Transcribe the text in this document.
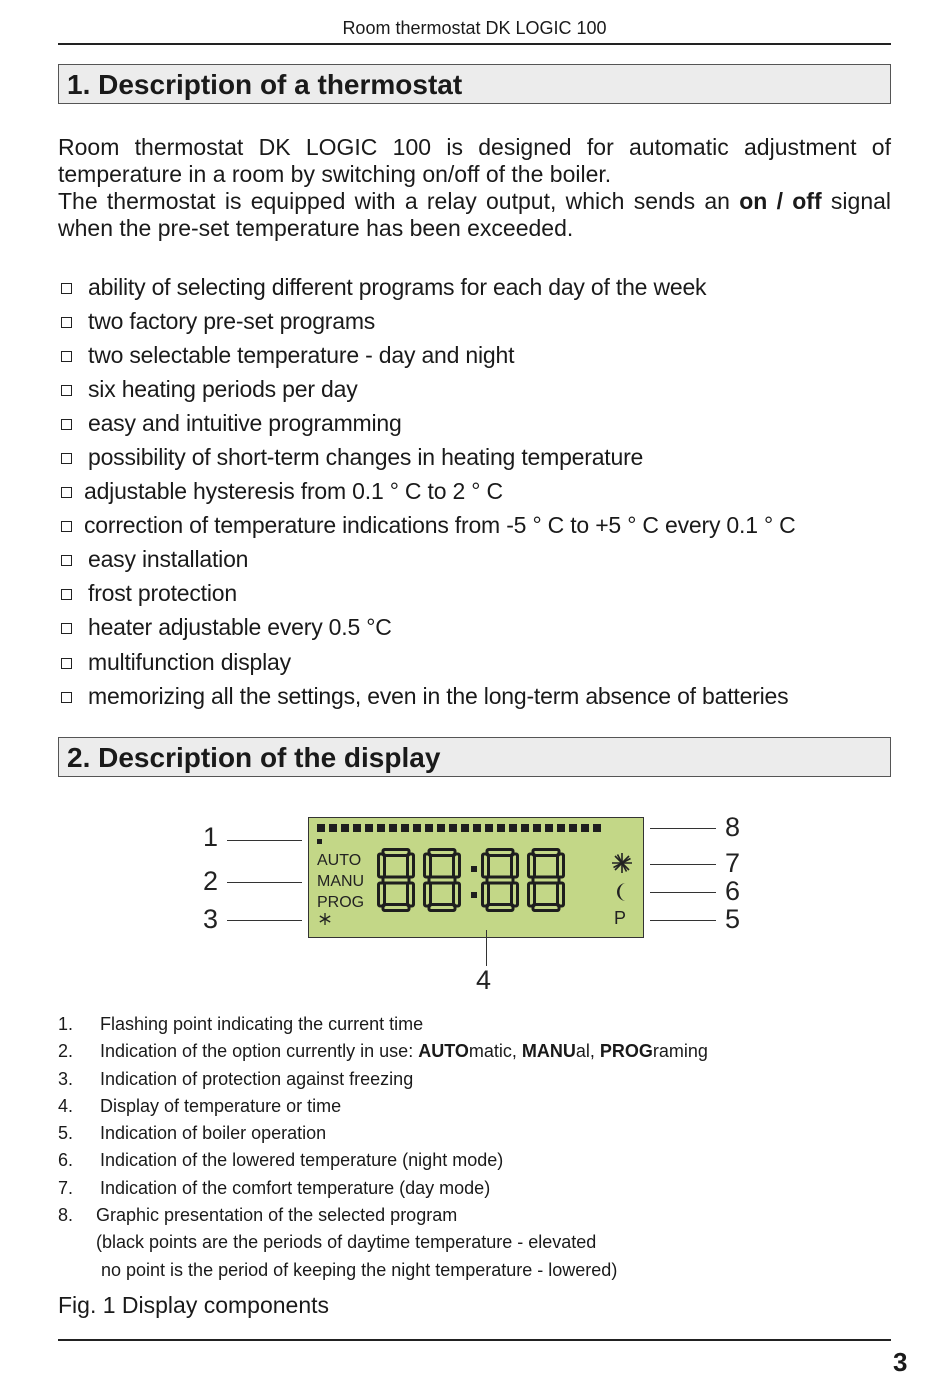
Room thermostat DK LOGIC 100
1. Description of a thermostat
Room thermostat DK LOGIC 100 is designed for automatic adjustment of temperature in a room by switching on/off of the boiler.
The thermostat is equipped with a relay output, which sends an on / off signal when the pre-set temperature has been exceeded.
ability of selecting different programs for each day of the week
two factory pre-set programs
two selectable temperature - day and night
six heating periods per day
easy and intuitive programming
possibility of short-term changes in heating temperature
adjustable hysteresis from 0.1 ° C to 2 ° C
correction of temperature indications from -5 ° C to +5 ° C every 0.1 ° C
easy installation
frost protection
heater adjustable every 0.5 °C
multifunction display
memorizing all the settings, even in the long-term absence of batteries
2. Description of the display
AUTO
MANU
PROG
P
1
2
3
4
8
7
6
5
1. Flashing point indicating the current time
2. Indication of the option currently in use: AUTOmatic, MANUal, PROGraming
3. Indication of protection against freezing
4. Display of temperature or time
5. Indication of boiler operation
6. Indication of the lowered temperature (night mode)
7. Indication of the comfort temperature (day mode)
8. Graphic presentation of the selected program
(black points are the periods of daytime temperature - elevated
no point is the period of keeping the night temperature - lowered)
Fig. 1 Display components
3
